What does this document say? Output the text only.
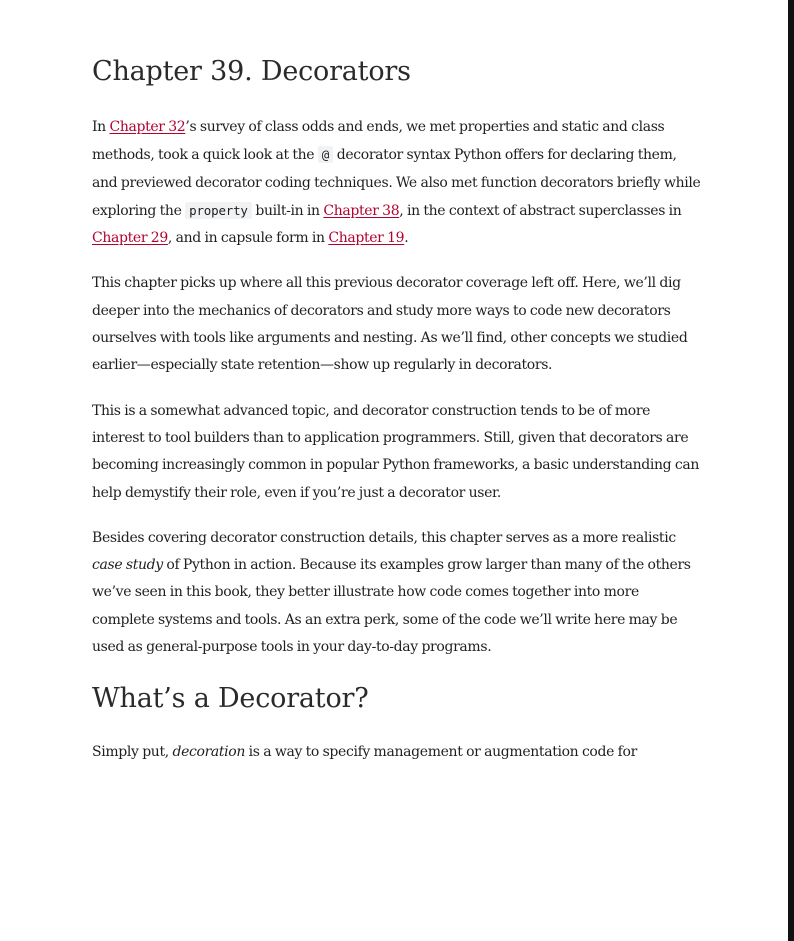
Chapter 39. Decorators

In Chapter 32’s survey of class odds and ends, we met properties and static and class methods, took a quick look at the @ decorator syntax Python offers for declaring them, and previewed decorator coding techniques. We also met function decorators briefly while exploring the property built-in in Chapter 38, in the context of abstract superclasses in Chapter 29, and in capsule form in Chapter 19.

This chapter picks up where all this previous decorator coverage left off. Here, we’ll dig deeper into the mechanics of decorators and study more ways to code new decorators ourselves with tools like arguments and nesting. As we’ll find, other concepts we studied earlier—especially state retention—show up regularly in decorators.

This is a somewhat advanced topic, and decorator construction tends to be of more interest to tool builders than to application programmers. Still, given that decorators are becoming increasingly common in popular Python frameworks, a basic understanding can help demystify their role, even if you’re just a decorator user.

Besides covering decorator construction details, this chapter serves as a more realistic case study of Python in action. Because its examples grow larger than many of the others we’ve seen in this book, they better illustrate how code comes together into more complete systems and tools. As an extra perk, some of the code we’ll write here may be used as general-purpose tools in your day-to-day programs.

What’s a Decorator?

Simply put, decoration is a way to specify management or augmentation code for
